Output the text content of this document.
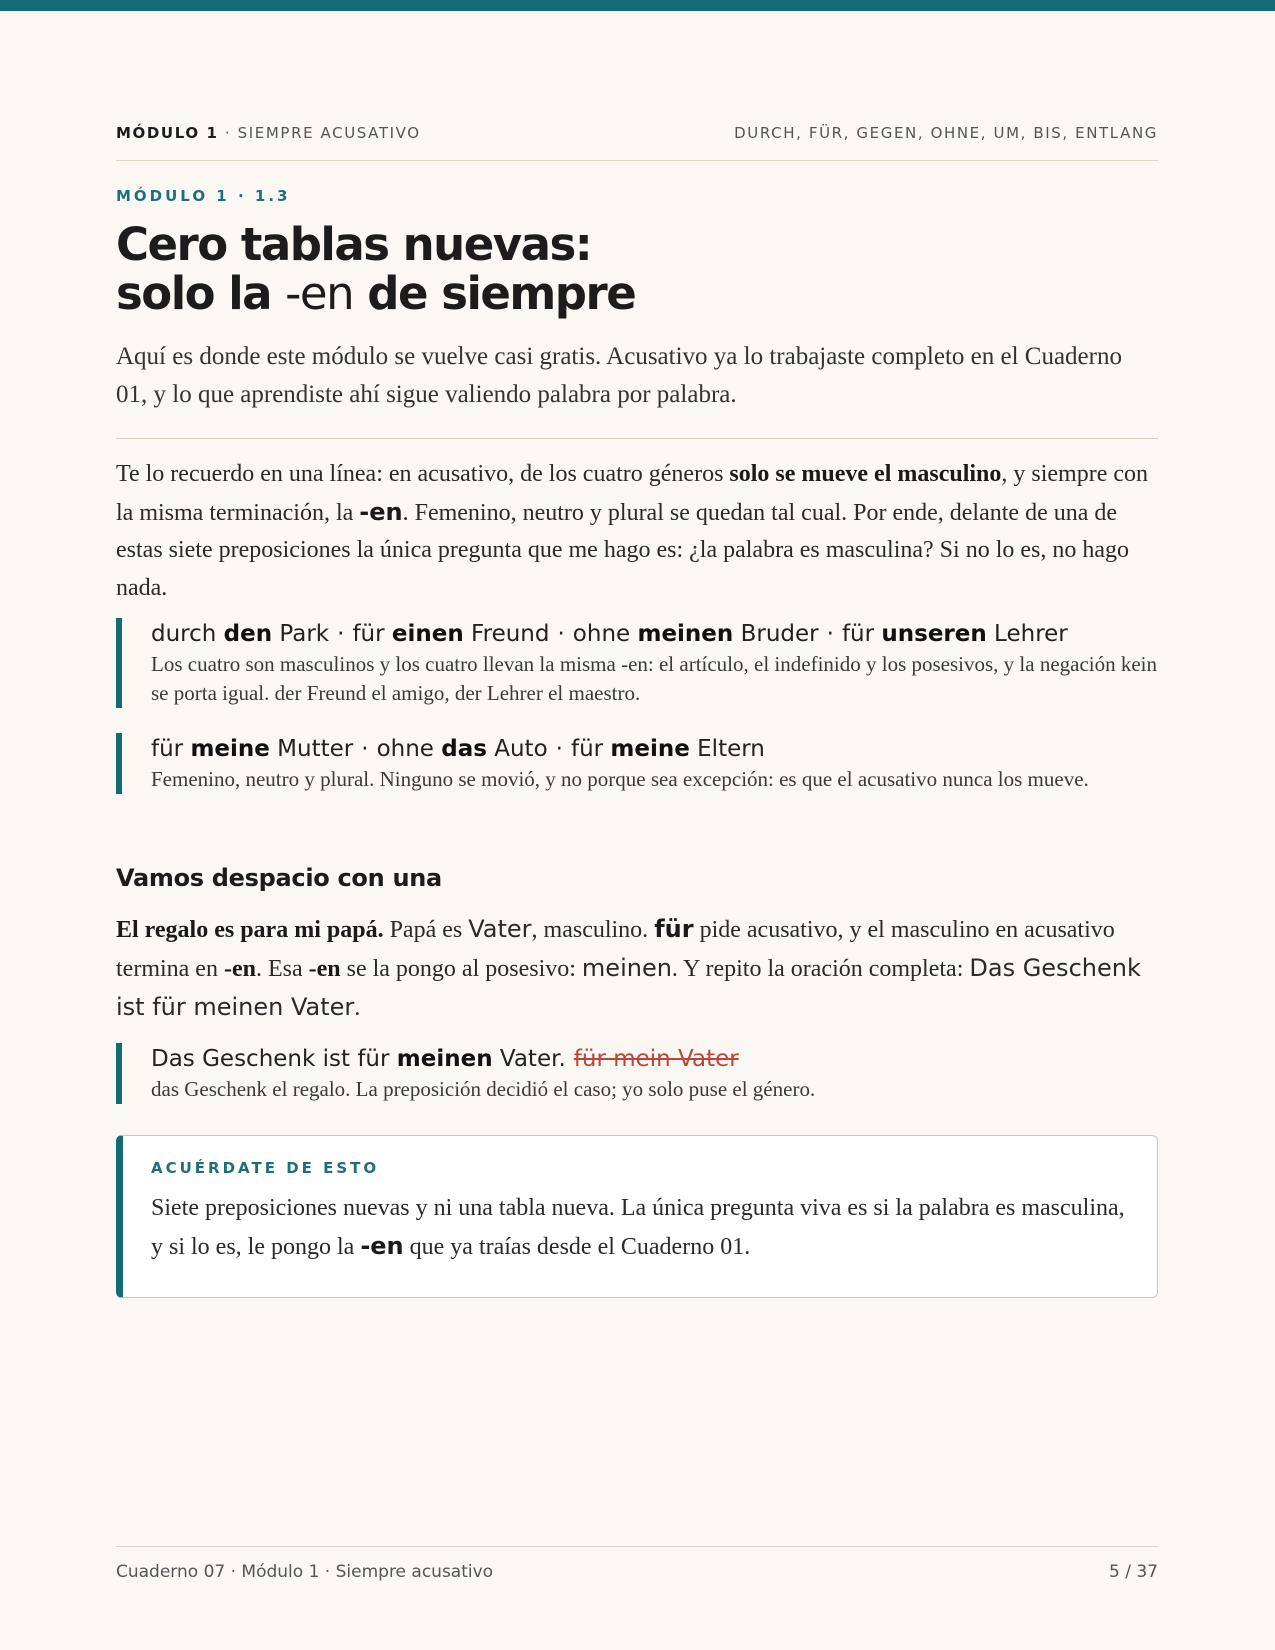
MÓDULO 1 · SIEMPRE ACUSATIVO	DURCH, FÜR, GEGEN, OHNE, UM, BIS, ENTLANG
MÓDULO 1 · 1.3
Cero tablas nuevas:
solo la -en de siempre

Aquí es donde este módulo se vuelve casi gratis. Acusativo ya lo trabajaste completo en el Cuaderno 01, y lo que aprendiste ahí sigue valiendo palabra por palabra.

Te lo recuerdo en una línea: en acusativo, de los cuatro géneros solo se mueve el masculino, y siempre con la misma terminación, la -en. Femenino, neutro y plural se quedan tal cual. Por ende, delante de una de estas siete preposiciones la única pregunta que me hago es: ¿la palabra es masculina? Si no lo es, no hago nada.

durch den Park · für einen Freund · ohne meinen Bruder · für unseren Lehrer
Los cuatro son masculinos y los cuatro llevan la misma -en: el artículo, el indefinido y los posesivos, y la negación kein se porta igual. der Freund el amigo, der Lehrer el maestro.
für meine Mutter · ohne das Auto · für meine Eltern
Femenino, neutro y plural. Ninguno se movió, y no porque sea excepción: es que el acusativo nunca los mueve.
Vamos despacio con una

El regalo es para mi papá. Papá es Vater, masculino. für pide acusativo, y el masculino en acusativo termina en -en. Esa -en se la pongo al posesivo: meinen. Y repito la oración completa: Das Geschenk ist für meinen Vater.

Das Geschenk ist für meinen Vater. für mein Vater
das Geschenk el regalo. La preposición decidió el caso; yo solo puse el género.
ACUÉRDATE DE ESTO
Siete preposiciones nuevas y ni una tabla nueva. La única pregunta viva es si la palabra es masculina, y si lo es, le pongo la -en que ya traías desde el Cuaderno 01.
Cuaderno 07 · Módulo 1 · Siempre acusativo	5 / 37
